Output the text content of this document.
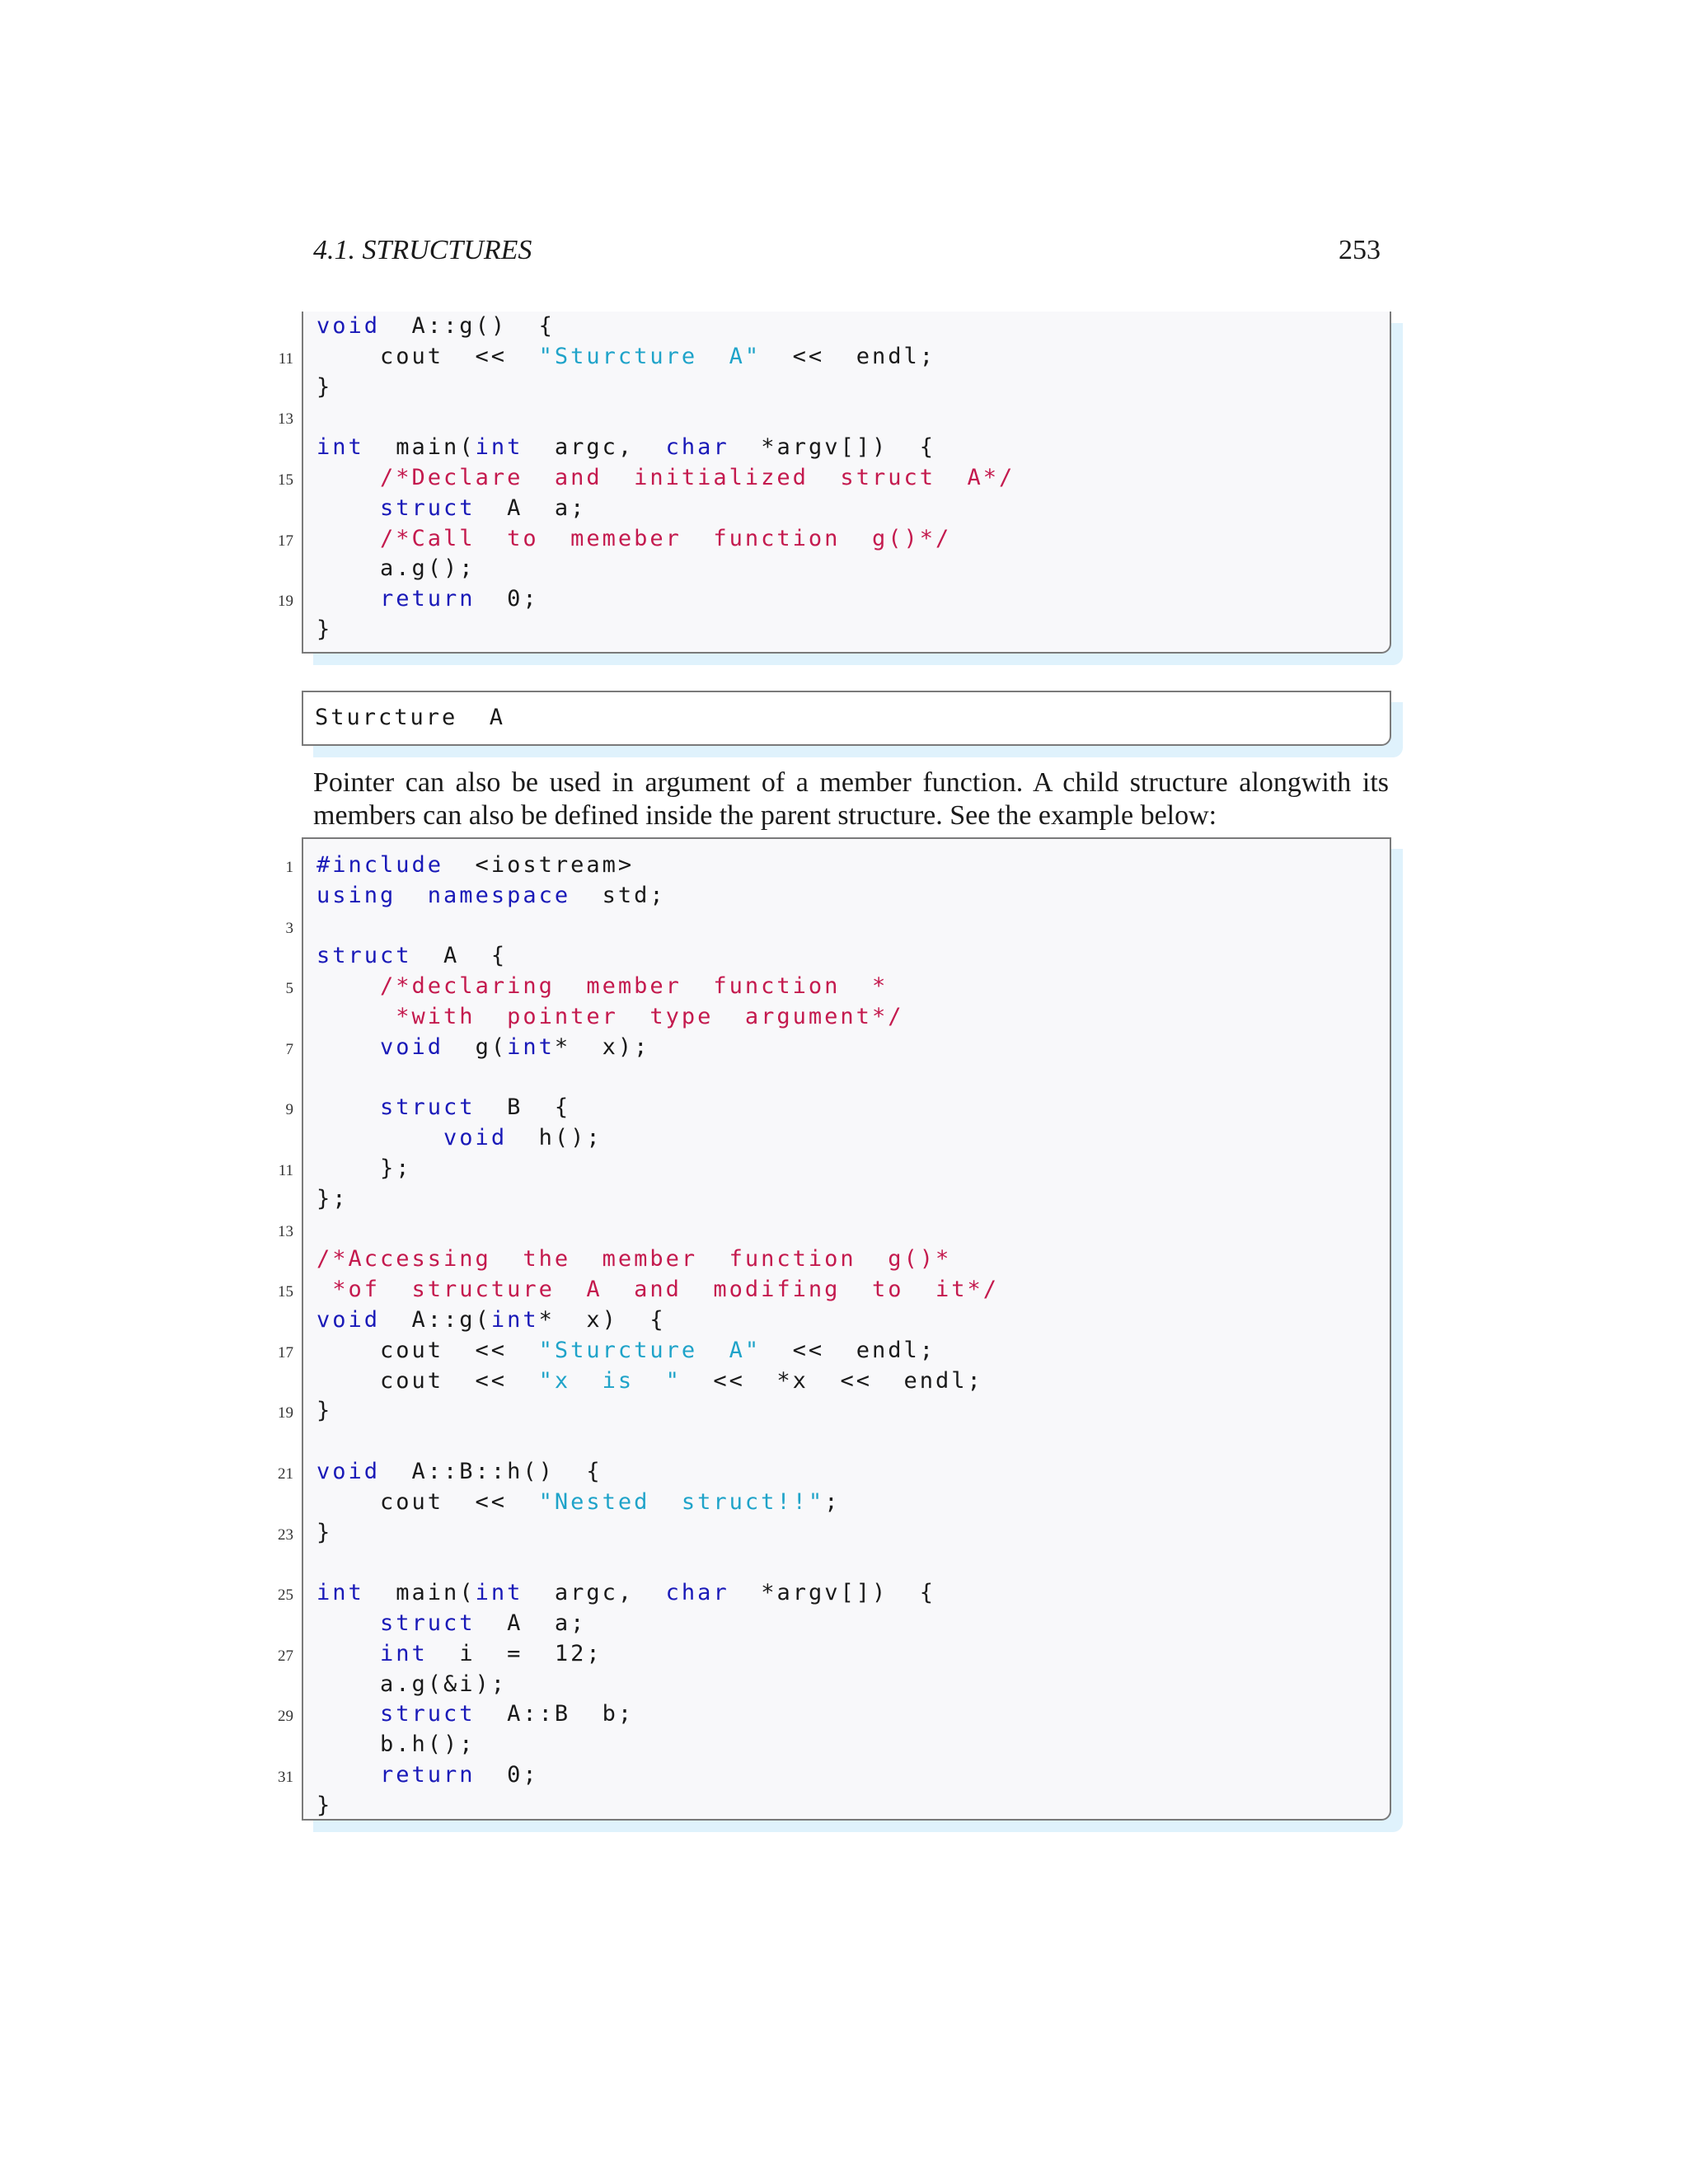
4.1. STRUCTURES	253
void  A::g()  {
11 cout  <<  "Sturcture  A"  <<  endl;
}
13
int  main(int  argc,  char  *argv[])  {
15	/*Declare  and  initialized  struct  A*/
struct  A  a;
17	/*Call  to  memeber  function  g()*/
a.g();
19	return  0;
}
Sturcture  A
Pointer can also be used in argument of a member function. A child structure alongwith its members can also be defined inside the parent structure. See the example below:
1 #include  <iostream>
using namespace  std;
3
struct  A  {
5	/*declaring  member  function  *
*with  pointer  type  argument*/
7	void  g(int*  x);
9	struct  B  {
void  h();
11 };
};
13
/*Accessing  the  member  function  g()*
15 *of  structure  A  and  modifing  to  it*/
void  A::g(int*  x)  {
17 cout  <<  "Sturcture  A"  <<  endl;
cout  <<  "x  is  "  <<  *x  <<  endl;
19 }
21 void  A::B::h()  {
cout  <<  "Nested  struct!!";
23 }
25 int  main(int  argc,  char  *argv[])  {
struct  A  a;
27	int  i  =  12;
a.g(&i);
29	struct  A::B  b;
b.h();
31	return  0;
}
